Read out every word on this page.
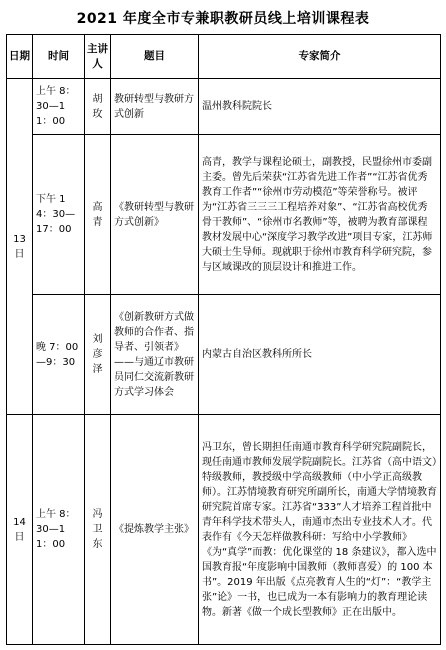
2021 年度全市专兼职教研员线上培训课程表
日期	时间	主讲人	题目	专家简介
13日	上午 8：30—11：00	胡玫	教研转型与教研方式创新	温州教科院院长
	下午 14：30—17：00	高青	《教研转型与教研方式创新》	高青，教学与课程论硕士，副教授，民盟徐州市委副主委。曾先后荣获“江苏省先进工作者”“江苏省优秀教育工作者”“徐州市劳动模范”等荣誉称号。被评为“江苏省三三三工程培养对象”、“江苏省高校优秀骨干教师”、“徐州市名教师”等，被聘为教育部课程教材发展中心“深度学习教学改进”项目专家，江苏师大硕士生导师。现就职于徐州市教育科学研究院，参与区域课改的顶层设计和推进工作。
	晚 7：00—9：30	刘彦泽	《创新教研方式做教师的合作者、指导者、引领者》——与通辽市教研员同仁交流新教研方式学习体会	内蒙古自治区教科所所长
14日	上午 8：30—11：00	冯卫东	《提炼教学主张》	冯卫东，曾长期担任南通市教育科学研究院副院长，现任南通市教师发展学院副院长。江苏省（高中语文）特级教师，教授级中学高级教师（中小学正高级教师）。江苏情境教育研究所副所长，南通大学情境教育研究院首席专家。江苏省“333”人才培养工程首批中青年科学技术带头人，南通市杰出专业技术人才。代表作有《今天怎样做教科研：写给中小学教师》《为“真学”而教：优化课堂的 18 条建议》，都入选中国教育报“年度影响中国教师（教师喜爱）的 100 本书”。2019 年出版《点亮教育人生的“灯”：“教学主张”论》一书，也已成为一本有影响力的教育理论读物。新著《做一个成长型教师》正在出版中。
